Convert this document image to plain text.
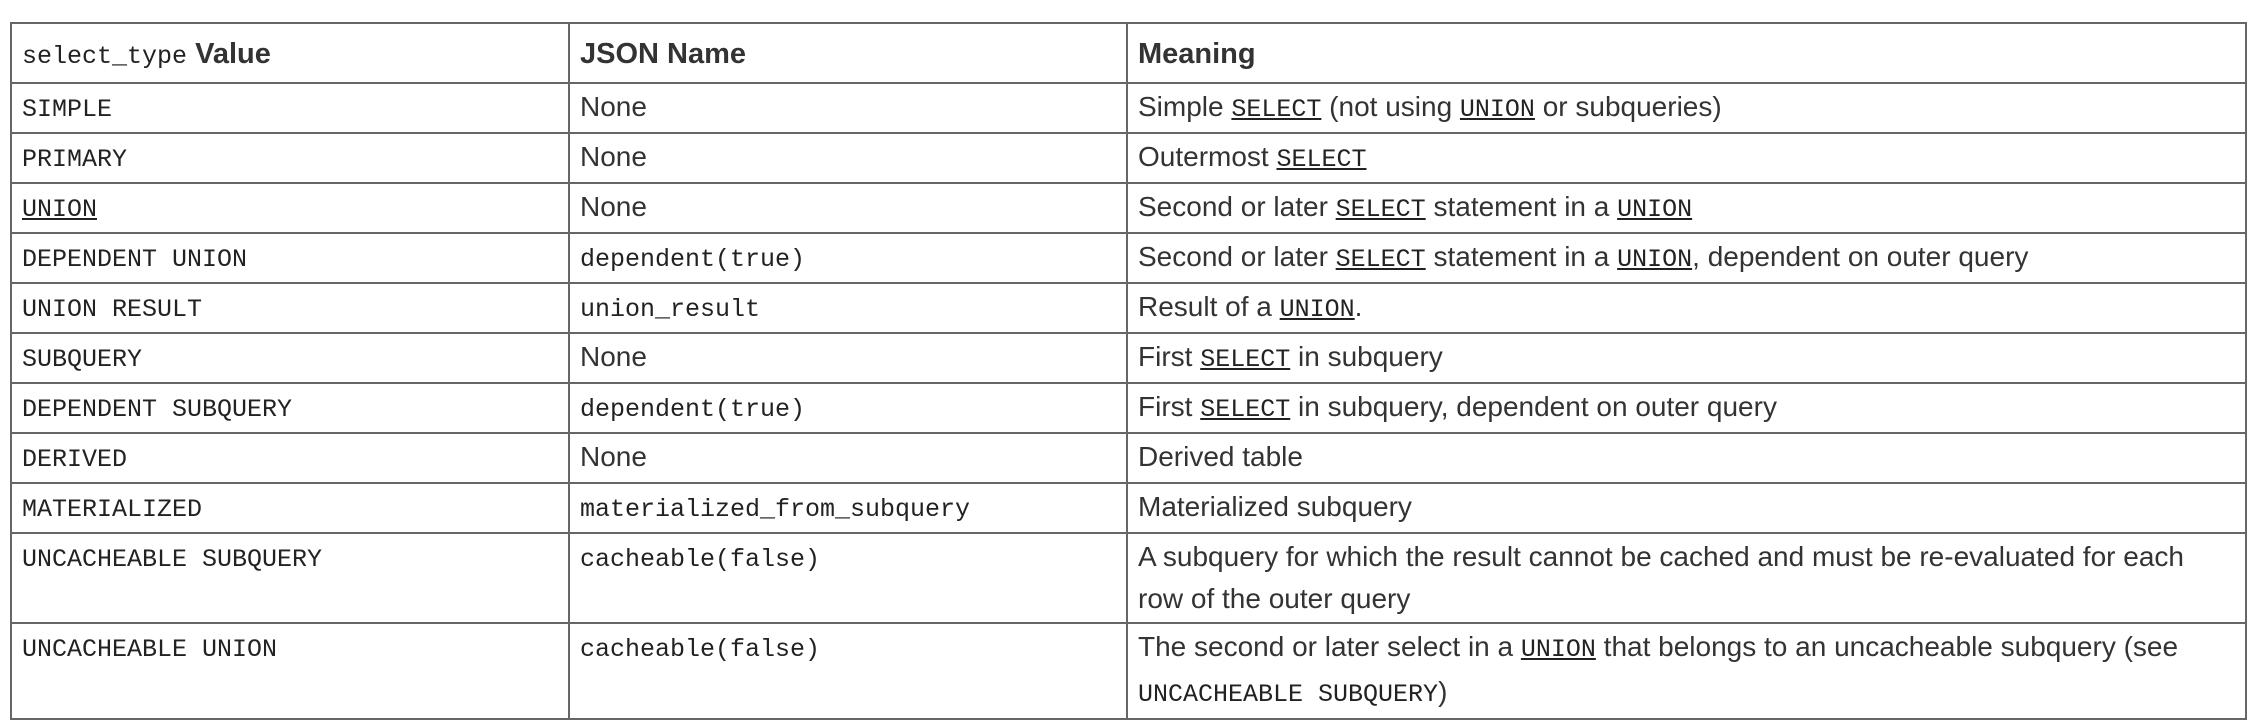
select_type Value	JSON Name	Meaning
SIMPLE	None	Simple SELECT (not using UNION or subqueries)
PRIMARY	None	Outermost SELECT
UNION	None	Second or later SELECT statement in a UNION
DEPENDENT UNION	dependent(true)	Second or later SELECT statement in a UNION, dependent on outer query
UNION RESULT	union_result	Result of a UNION.
SUBQUERY	None	First SELECT in subquery
DEPENDENT SUBQUERY	dependent(true)	First SELECT in subquery, dependent on outer query
DERIVED	None	Derived table
MATERIALIZED	materialized_from_subquery	Materialized subquery
UNCACHEABLE SUBQUERY	cacheable(false)	A subquery for which the result cannot be cached and must be re-evaluated for each row of the outer query
UNCACHEABLE UNION	cacheable(false)	The second or later select in a UNION that belongs to an uncacheable subquery (see UNCACHEABLE SUBQUERY)
